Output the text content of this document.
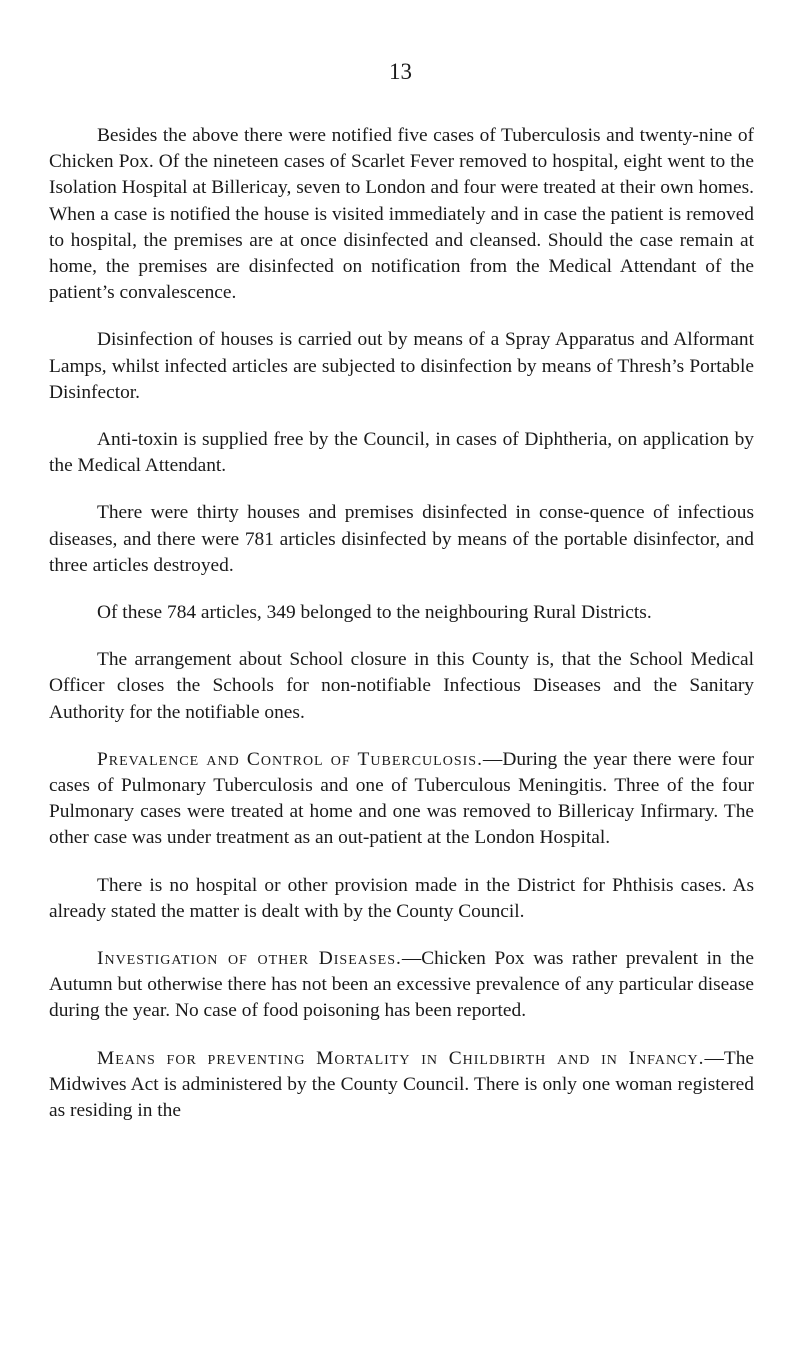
13

Besides the above there were notified five cases of Tuberculosis and twenty-nine of Chicken Pox. Of the nineteen cases of Scarlet Fever removed to hospital, eight went to the Isolation Hospital at Billericay, seven to London and four were treated at their own homes. When a case is notified the house is visited immediately and in case the patient is removed to hospital, the premises are at once disinfected and cleansed. Should the case remain at home, the premises are disinfected on notification from the Medical Attendant of the patient’s convalescence.

Disinfection of houses is carried out by means of a Spray Apparatus and Alformant Lamps, whilst infected articles are subjected to disinfection by means of Thresh’s Portable Disinfector.

Anti-toxin is supplied free by the Council, in cases of Diphtheria, on application by the Medical Attendant.

There were thirty houses and premises disinfected in conse-quence of infectious diseases, and there were 781 articles disinfected by means of the portable disinfector, and three articles destroyed.

Of these 784 articles, 349 belonged to the neighbouring Rural Districts.

The arrangement about School closure in this County is, that the School Medical Officer closes the Schools for non-notifiable Infectious Diseases and the Sanitary Authority for the notifiable ones.

Prevalence and Control of Tuberculosis.—During the year there were four cases of Pulmonary Tuberculosis and one of Tuberculous Meningitis. Three of the four Pulmonary cases were treated at home and one was removed to Billericay Infirmary. The other case was under treatment as an out-patient at the London Hospital.

There is no hospital or other provision made in the District for Phthisis cases. As already stated the matter is dealt with by the County Council.

Investigation of other Diseases.—Chicken Pox was rather prevalent in the Autumn but otherwise there has not been an excessive prevalence of any particular disease during the year. No case of food poisoning has been reported.

Means for preventing Mortality in Childbirth and in Infancy.—The Midwives Act is administered by the County Council. There is only one woman registered as residing in the
